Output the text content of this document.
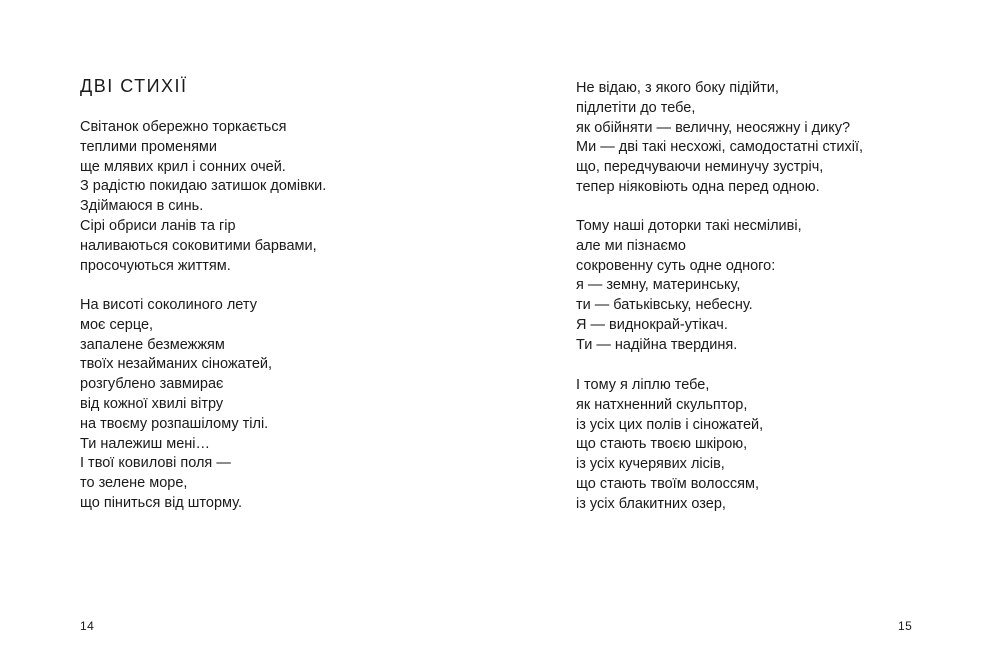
ДВІ СТИХІЇ
Світанок обережно торкається
теплими променями
ще млявих крил і сонних очей.
З радістю покидаю затишок домівки.
Здіймаюся в синь.
Сірі обриси ланів та гір
наливаються соковитими барвами,
просочуються життям.
На висоті соколиного лету
моє серце,
запалене безмежжям
твоїх незайманих сіножатей,
розгублено завмирає
від кожної хвилі вітру
на твоєму розпашілому тілі.
Ти належиш мені…
І твої ковилові поля —
то зелене море,
що піниться від шторму.
14
Не відаю, з якого боку підійти,
підлетіти до тебе,
як обійняти — величну, неосяжну і дику?
Ми — дві такі несхожі, самодостатні стихії,
що, передчуваючи неминучу зустріч,
тепер ніяковіють одна перед одною.
Тому наші доторки такі несміливі,
але ми пізнаємо
сокровенну суть одне одного:
я — земну, материнську,
ти — батьківську, небесну.
Я — виднокрай-утікач.
Ти — надійна твердиня.
І тому я ліплю тебе,
як натхненний скульптор,
із усіх цих полів і сіножатей,
що стають твоєю шкірою,
із усіх кучерявих лісів,
що стають твоїм волоссям,
із усіх блакитних озер,
15
